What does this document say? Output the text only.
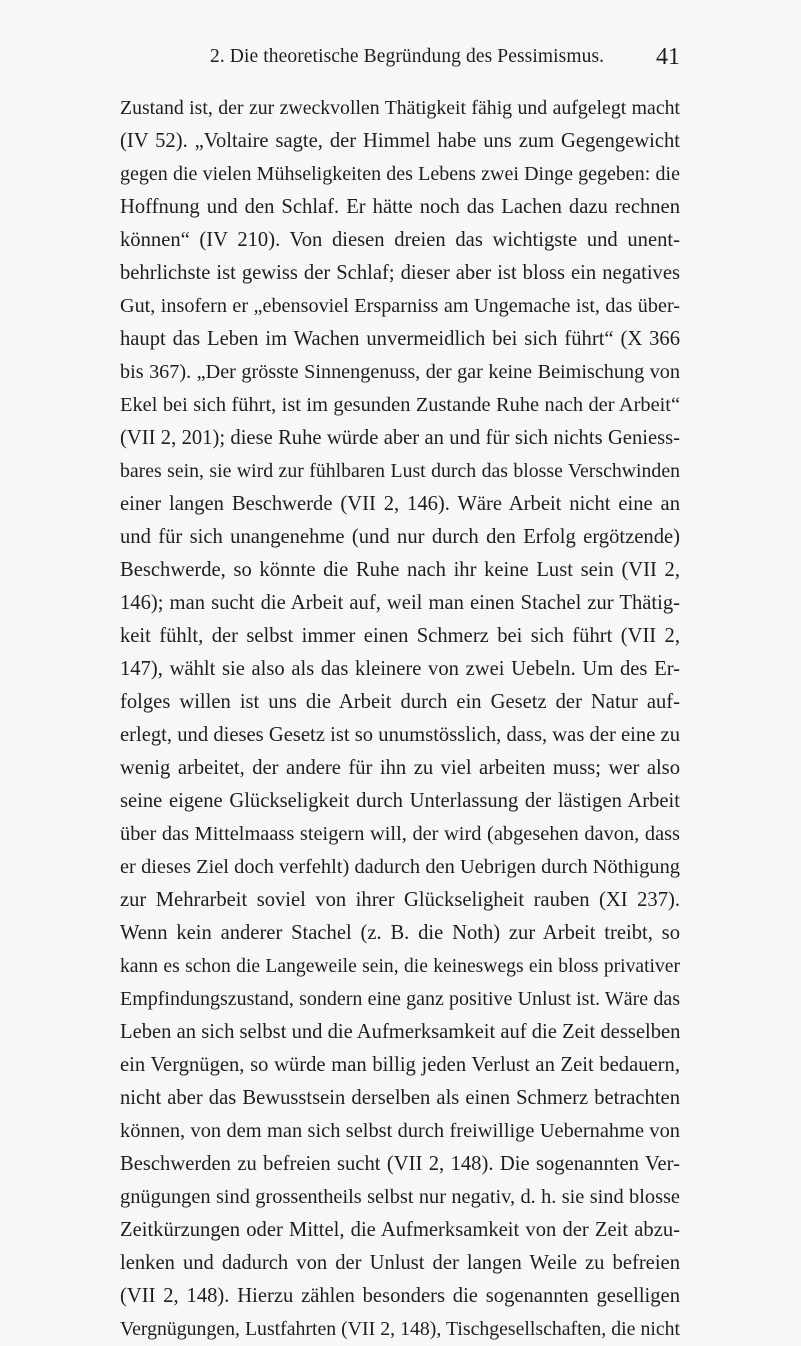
2. Die theoretische Begründung des Pessimismus. 41
Zustand ist, der zur zweckvollen Thätigkeit fähig und aufgelegt macht
(IV 52). „Voltaire sagte, der Himmel habe uns zum Gegengewicht
gegen die vielen Mühseligkeiten des Lebens zwei Dinge gegeben: die
Hoffnung und den Schlaf. Er hätte noch das Lachen dazu rechnen
können“ (IV 210). Von diesen dreien das wichtigste und unent-
behrlichste ist gewiss der Schlaf; dieser aber ist bloss ein negatives
Gut, insofern er „ebensoviel Ersparniss am Ungemache ist, das über-
haupt das Leben im Wachen unvermeidlich bei sich führt“ (X 366
bis 367). „Der grösste Sinnengenuss, der gar keine Beimischung von
Ekel bei sich führt, ist im gesunden Zustande Ruhe nach der Arbeit“
(VII 2, 201); diese Ruhe würde aber an und für sich nichts Geniess-
bares sein, sie wird zur fühlbaren Lust durch das blosse Verschwinden
einer langen Beschwerde (VII 2, 146). Wäre Arbeit nicht eine an
und für sich unangenehme (und nur durch den Erfolg ergötzende)
Beschwerde, so könnte die Ruhe nach ihr keine Lust sein (VII 2,
146); man sucht die Arbeit auf, weil man einen Stachel zur Thätig-
keit fühlt, der selbst immer einen Schmerz bei sich führt (VII 2,
147), wählt sie also als das kleinere von zwei Uebeln. Um des Er-
folges willen ist uns die Arbeit durch ein Gesetz der Natur auf-
erlegt, und dieses Gesetz ist so unumstösslich, dass, was der eine zu
wenig arbeitet, der andere für ihn zu viel arbeiten muss; wer also
seine eigene Glückseligkeit durch Unterlassung der lästigen Arbeit
über das Mittelmaass steigern will, der wird (abgesehen davon, dass
er dieses Ziel doch verfehlt) dadurch den Uebrigen durch Nöthigung
zur Mehrarbeit soviel von ihrer Glückseligheit rauben (XI 237).
Wenn kein anderer Stachel (z. B. die Noth) zur Arbeit treibt, so
kann es schon die Langeweile sein, die keineswegs ein bloss privativer
Empfindungszustand, sondern eine ganz positive Unlust ist. Wäre das
Leben an sich selbst und die Aufmerksamkeit auf die Zeit desselben
ein Vergnügen, so würde man billig jeden Verlust an Zeit bedauern,
nicht aber das Bewusstsein derselben als einen Schmerz betrachten
können, von dem man sich selbst durch freiwillige Uebernahme von
Beschwerden zu befreien sucht (VII 2, 148). Die sogenannten Ver-
gnügungen sind grossentheils selbst nur negativ, d. h. sie sind blosse
Zeitkürzungen oder Mittel, die Aufmerksamkeit von der Zeit abzu-
lenken und dadurch von der Unlust der langen Weile zu befreien
(VII 2, 148). Hierzu zählen besonders die sogenannten geselligen
Vergnügungen, Lustfahrten (VII 2, 148), Tischgesellschaften, die nicht
